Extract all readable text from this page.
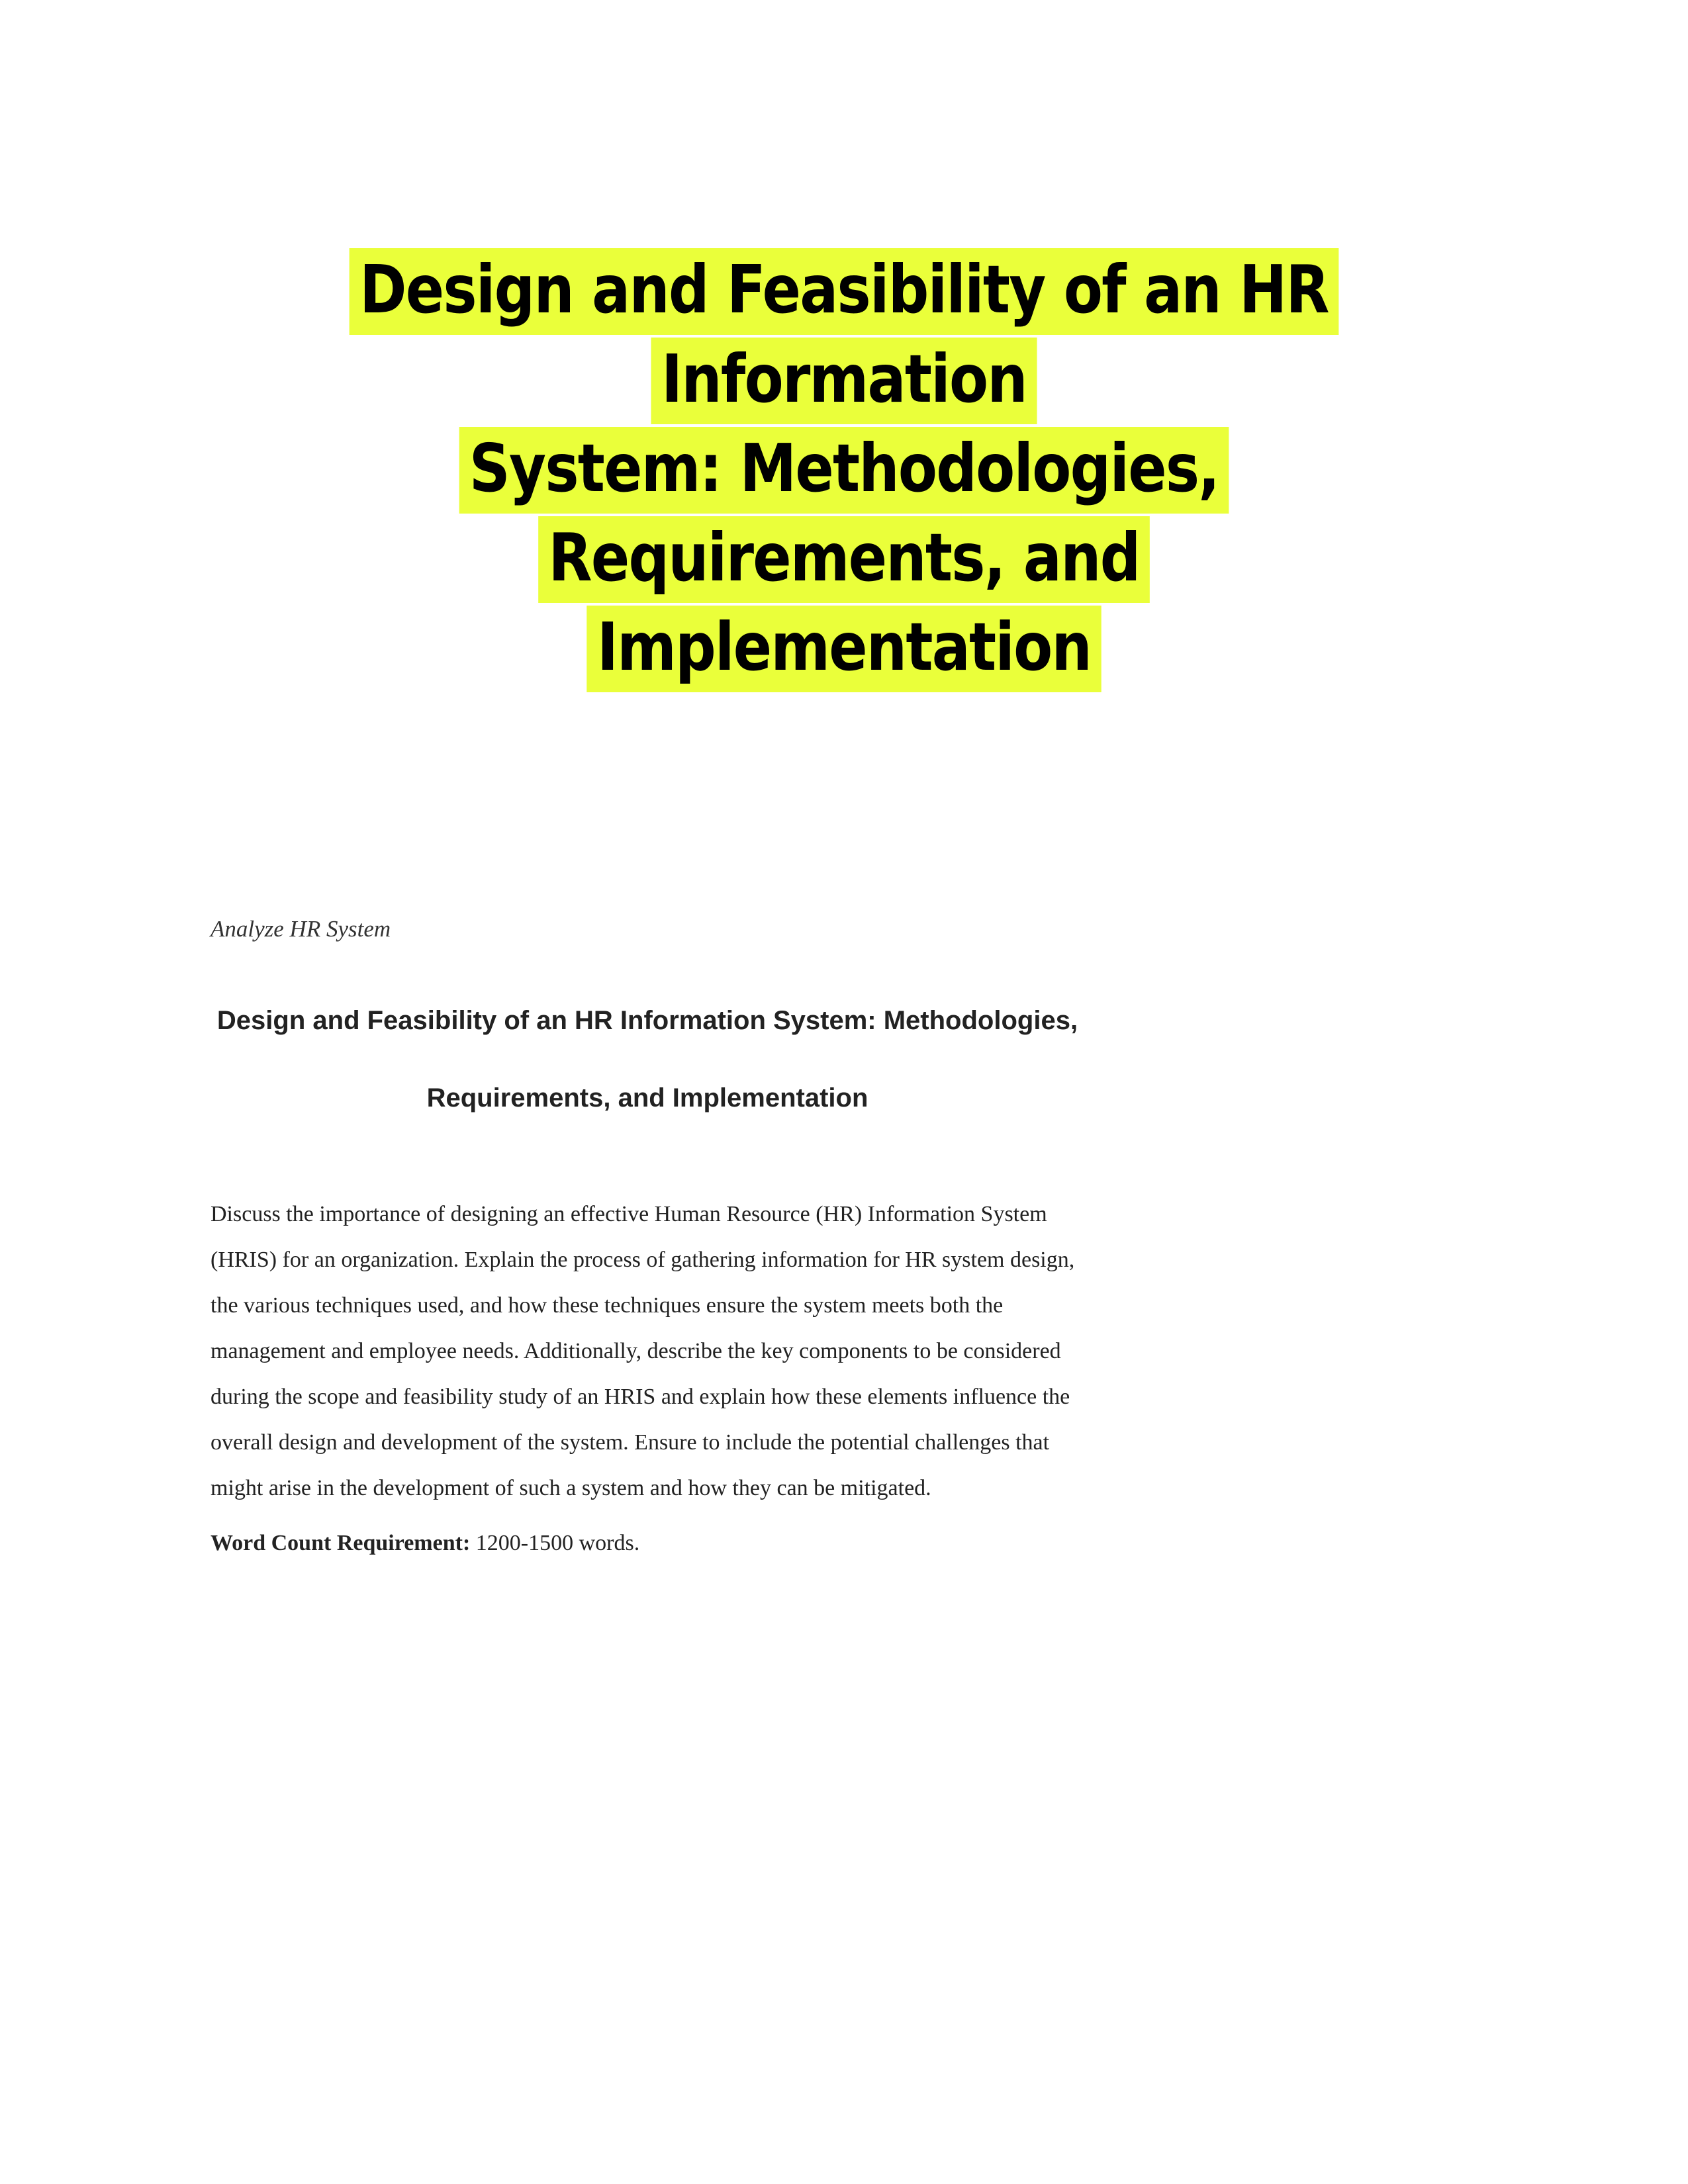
Design and Feasibility of an HR Information
System: Methodologies, Requirements, and
Implementation

Analyze HR System

Design and Feasibility of an HR Information System: Methodologies,
Requirements, and Implementation
Discuss the importance of designing an effective Human Resource (HR) Information System
(HRIS) for an organization. Explain the process of gathering information for HR system design,
the various techniques used, and how these techniques ensure the system meets both the
management and employee needs. Additionally, describe the key components to be considered
during the scope and feasibility study of an HRIS and explain how these elements influence the
overall design and development of the system. Ensure to include the potential challenges that
might arise in the development of such a system and how they can be mitigated.

Word Count Requirement: 1200-1500 words.
